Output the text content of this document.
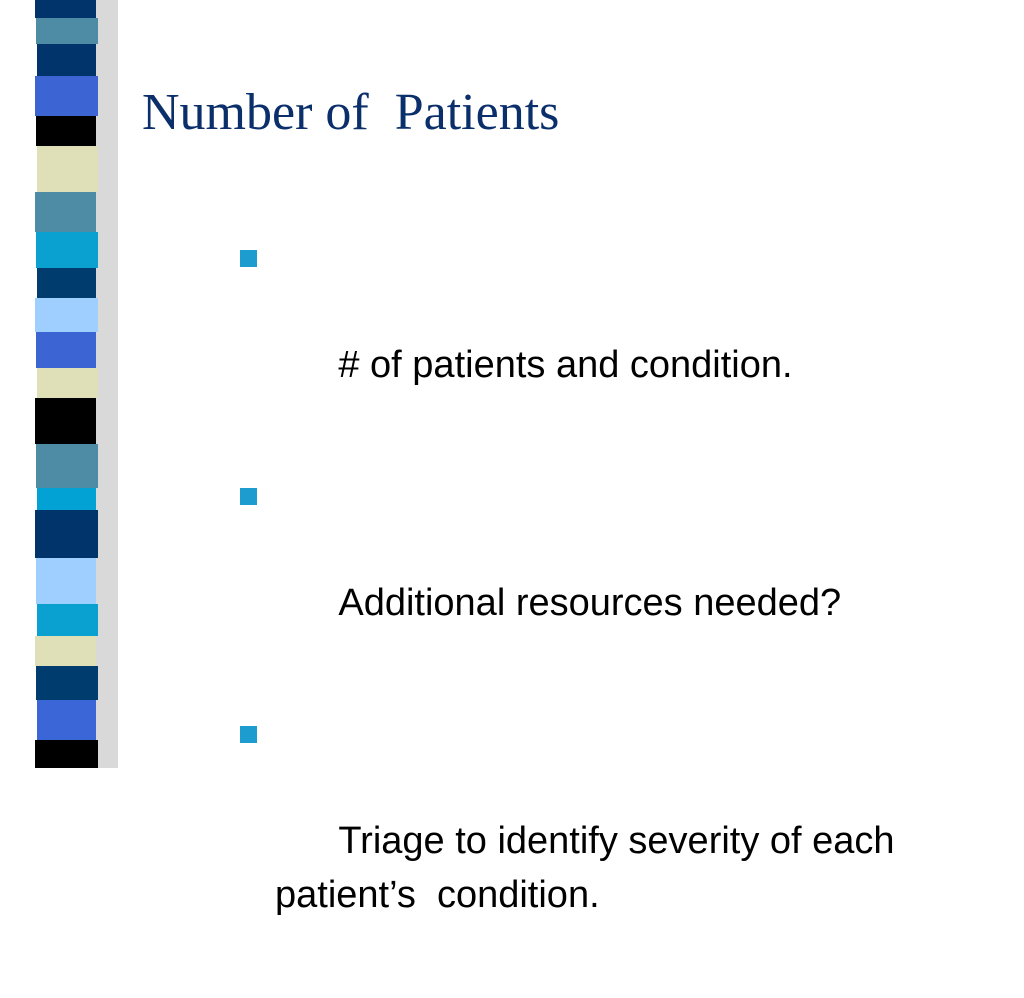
Number of  Patients

# of patients and condition.

Additional resources needed?

Triage to identify severity of each patient’s  condition.
